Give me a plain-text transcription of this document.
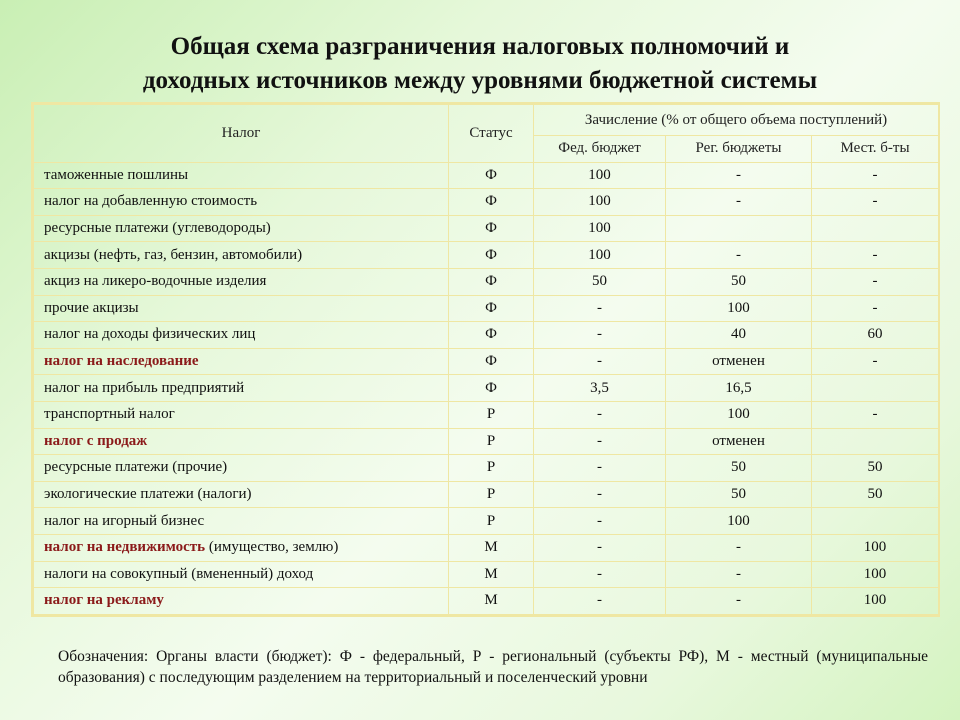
Общая схема разграничения налоговых полномочий и
доходных источников между уровнями бюджетной системы
Налог	Статус	Зачисление (% от общего объема поступлений)		
		Фед. бюджет	Рег. бюджеты	Мест. б-ты
таможенные пошлины	Ф	100	-	-
налог на добавленную стоимость	Ф	100	-	-
ресурсные платежи (углеводороды)	Ф	100		
акцизы (нефть, газ, бензин, автомобили)	Ф	100	-	-
акциз на ликеро-водочные изделия	Ф	50	50	-
прочие акцизы	Ф	-	100	-
налог на доходы физических лиц	Ф	-	40	60
налог на наследование	Ф	-	отменен	-
налог на прибыль предприятий	Ф	3,5	16,5	
транспортный налог	Р	-	100	-
налог с продаж	Р	-	отменен	
ресурсные платежи (прочие)	Р	-	50	50
экологические платежи (налоги)	Р	-	50	50
налог на игорный бизнес	Р	-	100	
налог на недвижимость (имущество, землю)	М	-	-	100
налоги на совокупный (вмененный) доход	М	-	-	100
налог на рекламу	М	-	-	100
Обозначения: Органы власти (бюджет): Ф - федеральный, Р - региональный (субъекты РФ), М - местный (муниципальные образования) с последующим разделением на территориальный и поселенческий уровни
